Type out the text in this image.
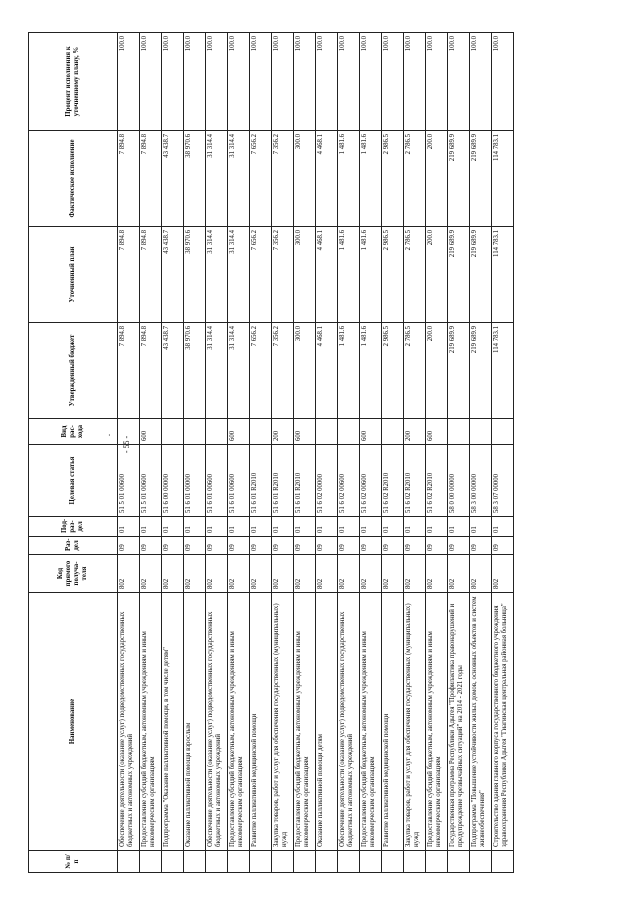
·
- 55 -
№ п/п	Наименование	Код прямого получа-теля	Раз-дел	Под-раз-дел	Целевая статья	Вид рас-хода	Утвержденный бюджет	Уточненный план	Фактическое исполнение	Процент исполнения к уточненному плану, %
	Обеспечение деятельности (оказание услуг) подведомственных государственных бюджетных и автономных учреждений	802	09	01	51 5 01 00600		7 894.8	7 894.8	7 894.8	100.0
	Предоставление субсидий бюджетным, автономным учреждениям и иным некоммерческим организациям	802	09	01	51 5 01 00600	600	7 894.8	7 894.8	7 894.8	100.0
	Подпрограмма "Оказание паллиативной помощи, в том числе детям"	802	09	01	51 6 00 00000		43 438.7	43 438.7	43 438.7	100.0
	Оказание паллиативной помощи взрослым	802	09	01	51 6 01 00000		38 970.6	38 970.6	38 970.6	100.0
	Обеспечение деятельности (оказание услуг) подведомственных государственных бюджетных и автономных учреждений	802	09	01	51 6 01 00600		31 314.4	31 314.4	31 314.4	100.0
	Предоставление субсидий бюджетным, автономным учреждениям и иным некоммерческим организациям	802	09	01	51 6 01 00600	600	31 314.4	31 314.4	31 314.4	100.0
	Развитие паллиативной медицинской помощи	802	09	01	51 6 01 R2010		7 656.2	7 656.2	7 656.2	100.0
	Закупка товаров, работ и услуг для обеспечения государственных (муниципальных) нужд	802	09	01	51 6 01 R2010	200	7 356.2	7 356.2	7 356.2	100.0
	Предоставление субсидий бюджетным, автономным учреждениям и иным некоммерческим организациям	802	09	01	51 6 01 R2010	600	300.0	300.0	300.0	100.0
	Оказание паллиативной помощи детям	802	09	01	51 6 02 00000		4 468.1	4 468.1	4 468.1	100.0
	Обеспечение деятельности (оказание услуг) подведомственных государственных бюджетных и автономных учреждений	802	09	01	51 6 02 00600		1 481.6	1 481.6	1 481.6	100.0
	Предоставление субсидий бюджетным, автономным учреждениям и иным некоммерческим организациям	802	09	01	51 6 02 00600	600	1 481.6	1 481.6	1 481.6	100.0
	Развитие паллиативной медицинской помощи	802	09	01	51 6 02 R2010		2 986.5	2 986.5	2 986.5	100.0
	Закупка товаров, работ и услуг для обеспечения государственных (муниципальных) нужд	802	09	01	51 6 02 R2010	200	2 786.5	2 786.5	2 786.5	100.0
	Предоставление субсидий бюджетным, автономным учреждениям и иным некоммерческим организациям	802	09	01	51 6 02 R2010	600	200.0	200.0	200.0	100.0
	Государственная программа Республики Адыгея "Профилактика правонарушений и предупреждение чрезвычайных ситуаций" на 2014 - 2021 годы	802	09	01	58 0 00 00000		219 689.9	219 689.9	219 689.9	100.0
	Подпрограмма "Повышение устойчивости жилых домов, основных объектов и систем жизнеобеспечения"	802	09	01	58 3 00 00000		219 689.9	219 689.9	219 689.9	100.0
	Строительство здания главного корпуса государственного бюджетного учреждения здравоохранения Республики Адыгея "Гиагинская центральная районная больница"	802	09	01	58 3 07 00000		114 783.1	114 783.1	114 783.1	100.0
